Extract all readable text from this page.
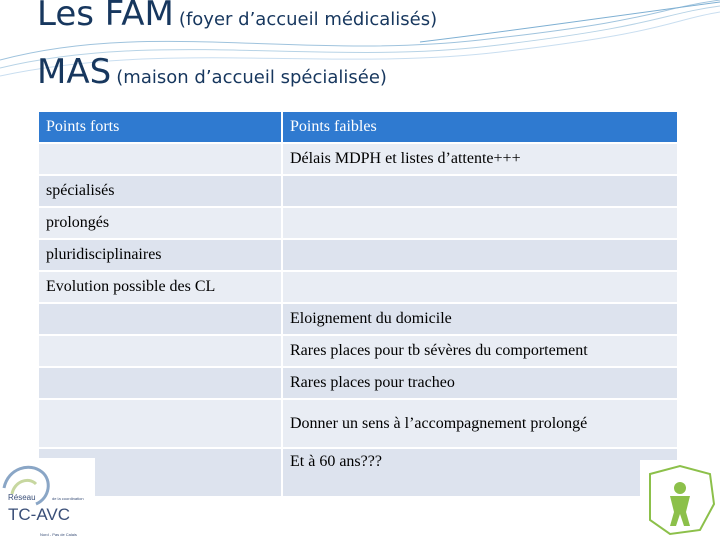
Les FAM (foyer d’accueil médicalisés)
MAS (maison d’accueil spécialisée)
Points forts	Points faibles
	Délais MDPH et listes d’attente+++
spécialisés	
prolongés	
pluridisciplinaires	
Evolution possible des CL	
	Eloignement du domicile
	Rares places pour tb sévères du comportement
	Rares places pour tracheo
	Donner un sens à l’accompagnement prolongé
	Et à 60 ans???
Réseau	de la coordination
TC-AVC
Nord - Pas de Calais
